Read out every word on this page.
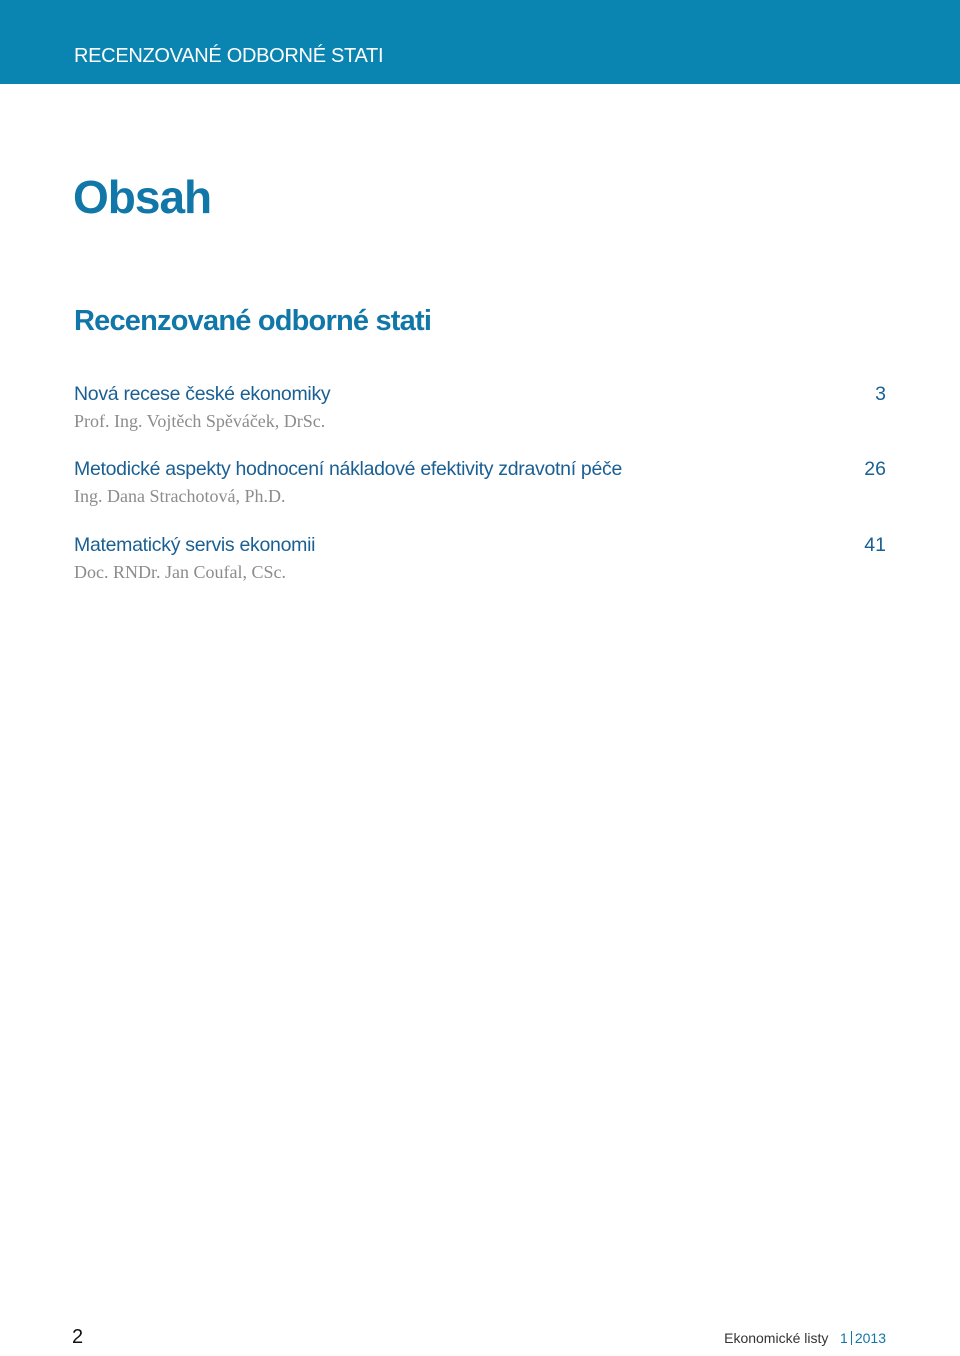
RECENZOVANÉ ODBORNÉ STATI
Obsah
Recenzované odborné stati
Nová recese české ekonomiky	3
Prof. Ing. Vojtěch Spěváček, DrSc.
Metodické aspekty hodnocení nákladové efektivity zdravotní péče	26
Ing. Dana Strachotová, Ph.D.
Matematický servis ekonomii	41
Doc. RNDr. Jan Coufal, CSc.
2	Ekonomické listy 1 2013
